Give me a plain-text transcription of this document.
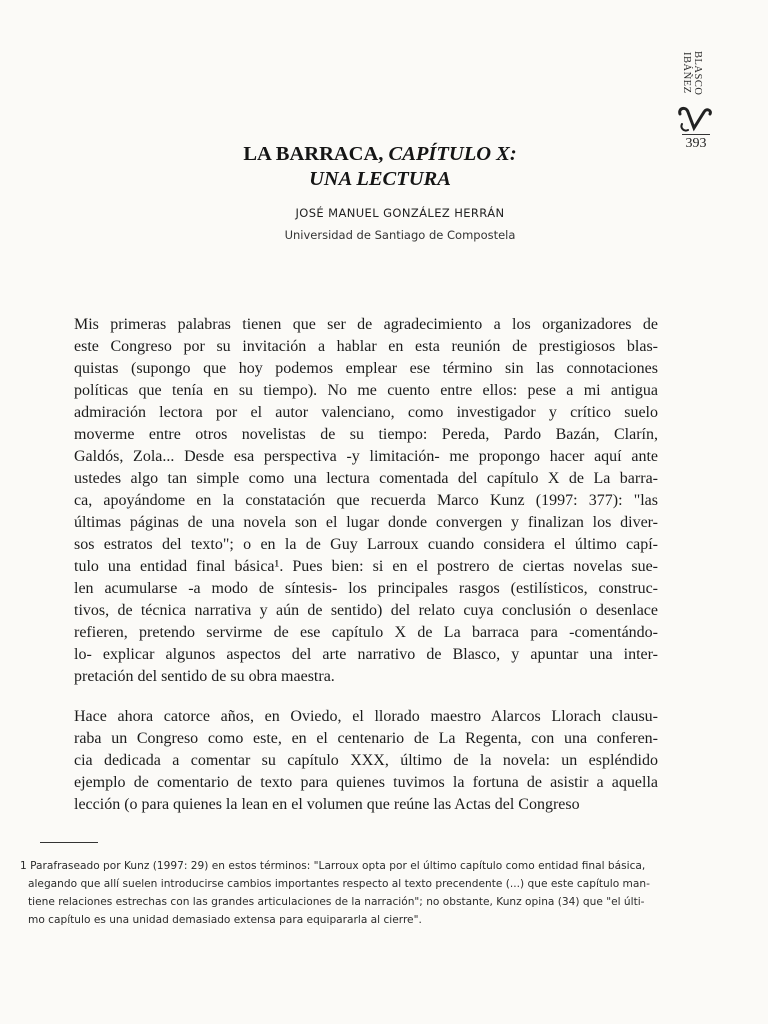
BLASCO
IBÁÑEZ
393
LA BARRACA, CAPÍTULO X:
UNA LECTURA
JOSÉ MANUEL GONZÁLEZ HERRÁN
Universidad de Santiago de Compostela
Mis primeras palabras tienen que ser de agradecimiento a los organizadores de
este Congreso por su invitación a hablar en esta reunión de prestigiosos blas-
quistas (supongo que hoy podemos emplear ese término sin las connotaciones
políticas que tenía en su tiempo). No me cuento entre ellos: pese a mi antigua
admiración lectora por el autor valenciano, como investigador y crítico suelo
moverme entre otros novelistas de su tiempo: Pereda, Pardo Bazán, Clarín,
Galdós, Zola... Desde esa perspectiva -y limitación- me propongo hacer aquí ante
ustedes algo tan simple como una lectura comentada del capítulo X de La barra-
ca, apoyándome en la constatación que recuerda Marco Kunz (1997: 377): "las
últimas páginas de una novela son el lugar donde convergen y finalizan los diver-
sos estratos del texto"; o en la de Guy Larroux cuando considera el último capí-
tulo una entidad final básica¹. Pues bien: si en el postrero de ciertas novelas sue-
len acumularse -a modo de síntesis- los principales rasgos (estilísticos, construc-
tivos, de técnica narrativa y aún de sentido) del relato cuya conclusión o desenlace
refieren, pretendo servirme de ese capítulo X de La barraca para -comentándo-
lo- explicar algunos aspectos del arte narrativo de Blasco, y apuntar una inter-
pretación del sentido de su obra maestra.
Hace ahora catorce años, en Oviedo, el llorado maestro Alarcos Llorach clausu-
raba un Congreso como este, en el centenario de La Regenta, con una conferen-
cia dedicada a comentar su capítulo XXX, último de la novela: un espléndido
ejemplo de comentario de texto para quienes tuvimos la fortuna de asistir a aquella
lección (o para quienes la lean en el volumen que reúne las Actas del Congreso
1 Parafraseado por Kunz (1997: 29) en estos términos: "Larroux opta por el último capítulo como entidad final básica,
alegando que allí suelen introducirse cambios importantes respecto al texto precendente (...) que este capítulo man-
tiene relaciones estrechas con las grandes articulaciones de la narración"; no obstante, Kunz opina (34) que "el últi-
mo capítulo es una unidad demasiado extensa para equipararla al cierre".
